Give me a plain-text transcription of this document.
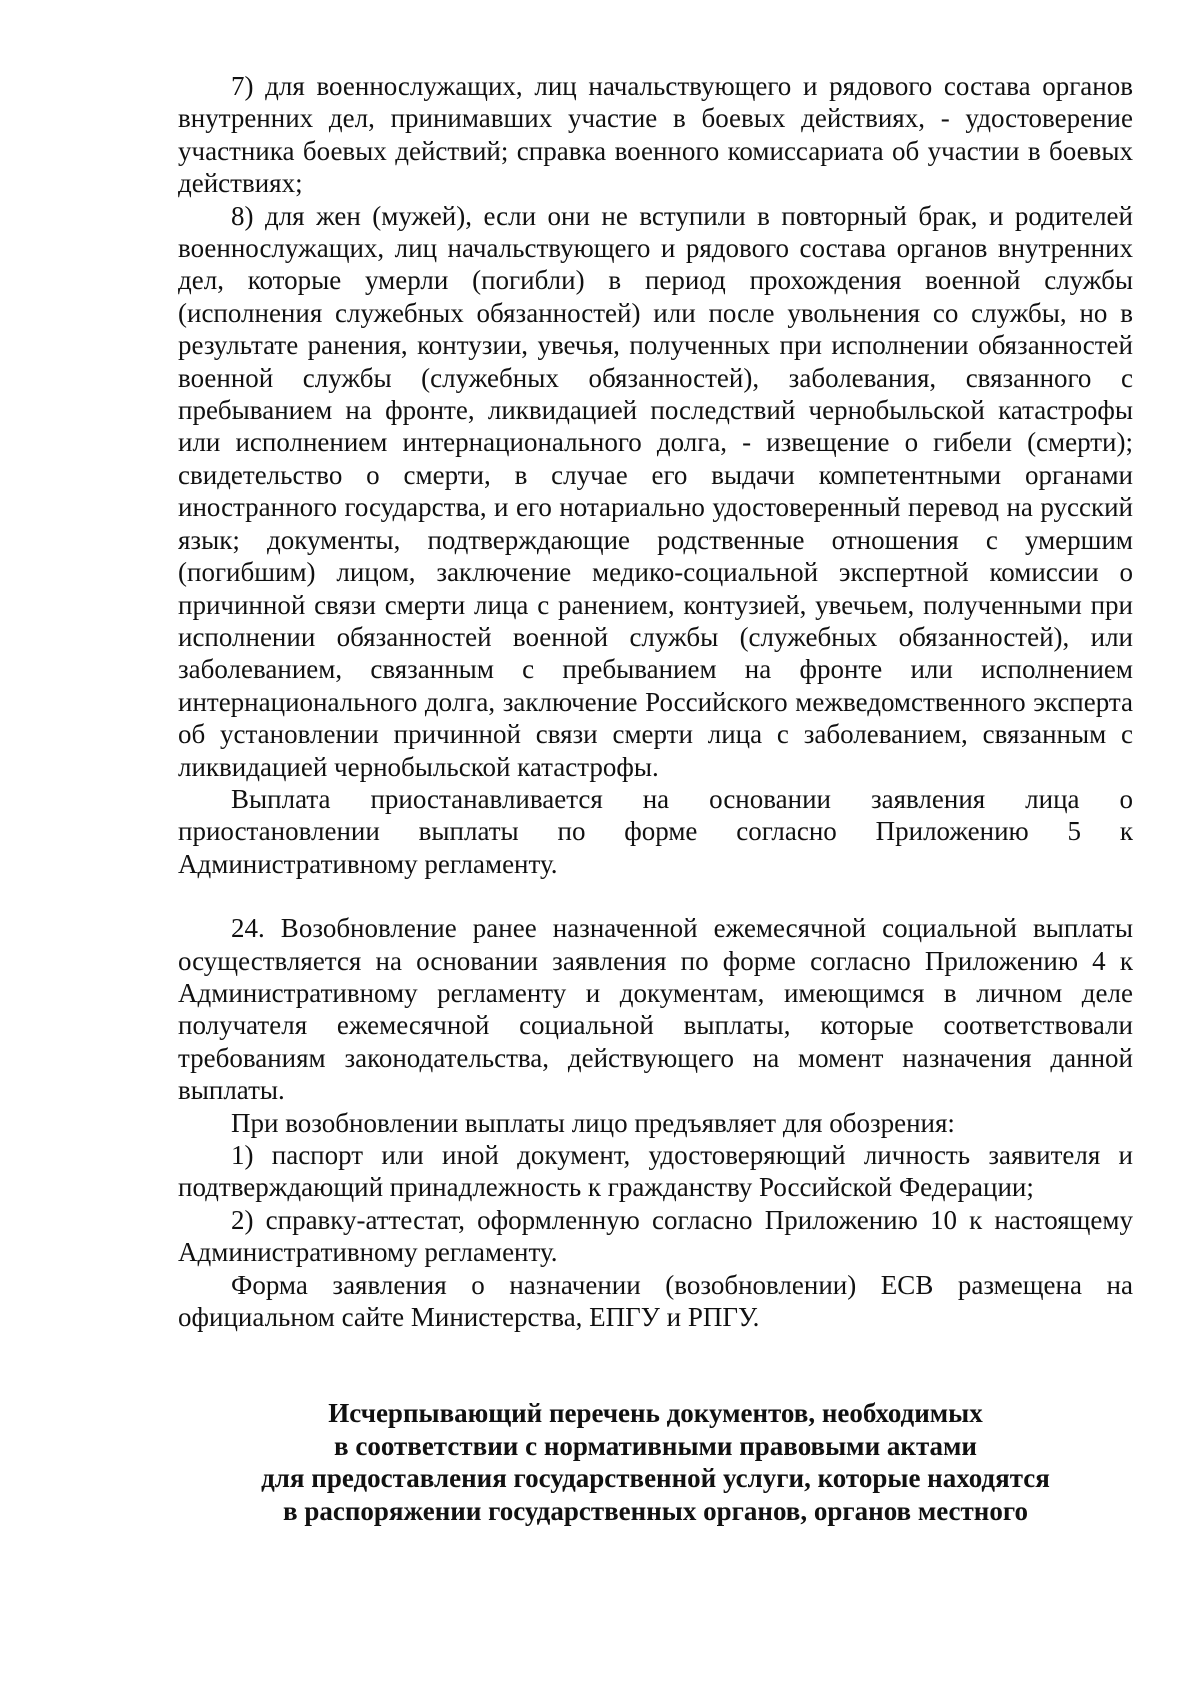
7) для военнослужащих, лиц начальствующего и рядового состава органов внутренних дел, принимавших участие в боевых действиях, - удостоверение участника боевых действий; справка военного комиссариата об участии в боевых действиях;

8) для жен (мужей), если они не вступили в повторный брак, и родителей военнослужащих, лиц начальствующего и рядового состава органов внутренних дел, которые умерли (погибли) в период прохождения военной службы (исполнения служебных обязанностей) или после увольнения со службы, но в результате ранения, контузии, увечья, полученных при исполнении обязанностей военной службы (служебных обязанностей), заболевания, связанного с пребыванием на фронте, ликвидацией последствий чернобыльской катастрофы или исполнением интернационального долга, - извещение о гибели (смерти); свидетельство о смерти, в случае его выдачи компетентными органами иностранного государства, и его нотариально удостоверенный перевод на русский язык; документы, подтверждающие родственные отношения с умершим (погибшим) лицом, заключение медико-социальной экспертной комиссии о причинной связи смерти лица с ранением, контузией, увечьем, полученными при исполнении обязанностей военной службы (служебных обязанностей), или заболеванием, связанным с пребыванием на фронте или исполнением интернационального долга, заключение Российского межведомственного эксперта об установлении причинной связи смерти лица с заболеванием, связанным с ликвидацией чернобыльской катастрофы.

Выплата приостанавливается на основании заявления лица о приостановлении выплаты по форме согласно Приложению 5 к Административному регламенту.

24. Возобновление ранее назначенной ежемесячной социальной выплаты осуществляется на основании заявления по форме согласно Приложению 4 к Административному регламенту и документам, имеющимся в личном деле получателя ежемесячной социальной выплаты, которые соответствовали требованиям законодательства, действующего на момент назначения данной выплаты.

При возобновлении выплаты лицо предъявляет для обозрения:

1) паспорт или иной документ, удостоверяющий личность заявителя и подтверждающий принадлежность к гражданству Российской Федерации;

2) справку-аттестат, оформленную согласно Приложению 10 к настоящему Административному регламенту.

Форма заявления о назначении (возобновлении) ЕСВ размещена на официальном сайте Министерства, ЕПГУ и РПГУ.

Исчерпывающий перечень документов, необходимых

в соответствии с нормативными правовыми актами

для предоставления государственной услуги, которые находятся

в распоряжении государственных органов, органов местного
